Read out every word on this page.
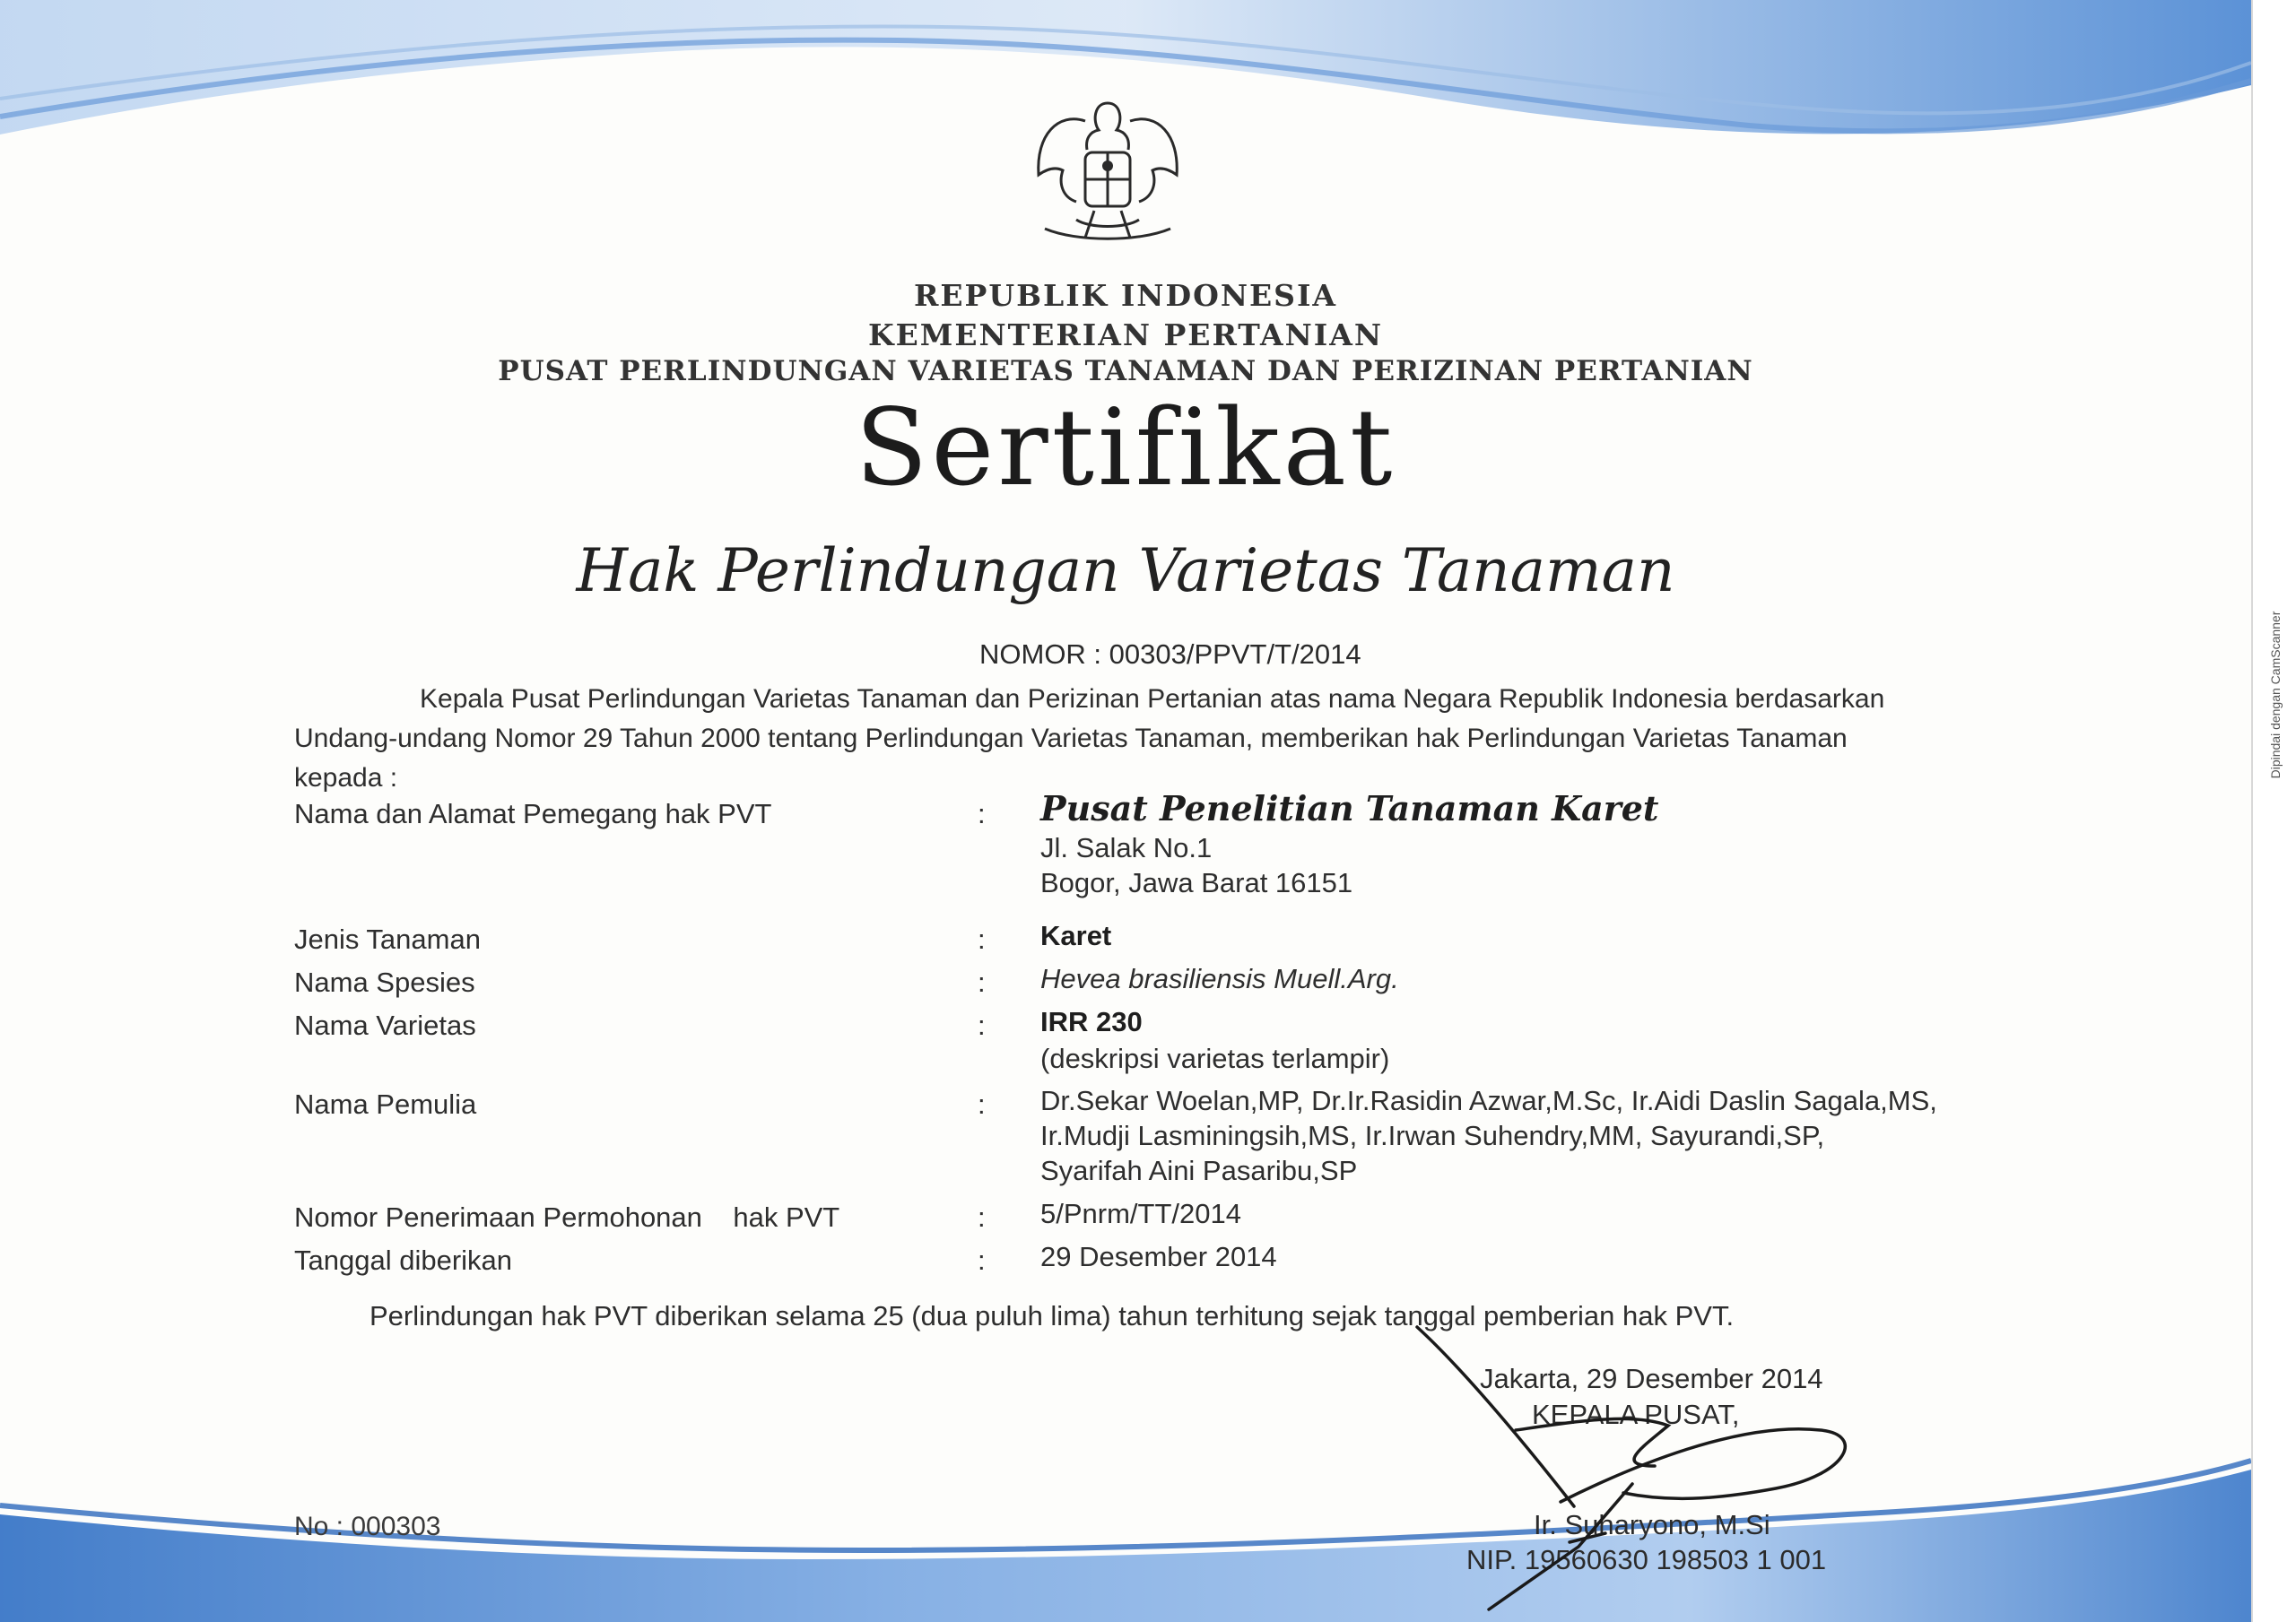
REPUBLIK INDONESIA
KEMENTERIAN PERTANIAN
PUSAT PERLINDUNGAN VARIETAS TANAMAN DAN PERIZINAN PERTANIAN
Sertifikat
Hak Perlindungan Varietas Tanaman
NOMOR : 00303/PPVT/T/2014
Kepala Pusat Perlindungan Varietas Tanaman dan Perizinan Pertanian atas nama Negara Republik Indonesia berdasarkan
Undang-undang Nomor 29 Tahun 2000 tentang Perlindungan Varietas Tanaman, memberikan hak Perlindungan Varietas Tanaman
kepada :
Nama dan Alamat Pemegang hak PVT	: Pusat Penelitian Tanaman Karet
Jl. Salak No.1
Bogor, Jawa Barat 16151
Jenis Tanaman	: Karet
Nama Spesies	: Hevea brasiliensis Muell.Arg.
Nama Varietas	: IRR 230
(deskripsi varietas terlampir)
Nama Pemulia	: Dr.Sekar Woelan,MP, Dr.Ir.Rasidin Azwar,M.Sc, Ir.Aidi Daslin Sagala,MS,
Ir.Mudji Lasminingsih,MS, Ir.Irwan Suhendry,MM, Sayurandi,SP,
Syarifah Aini Pasaribu,SP
Nomor Penerimaan Permohonan    hak PVT	: 5/Pnrm/TT/2014
Tanggal diberikan	: 29 Desember 2014
Perlindungan hak PVT diberikan selama 25 (dua puluh lima) tahun terhitung sejak tanggal pemberian hak PVT.
Jakarta, 29 Desember 2014
KEPALA PUSAT,
Ir. Suharyono, M.Si
NIP. 19560630 198503 1 001
No : 000303
Dipindai dengan CamScanner
